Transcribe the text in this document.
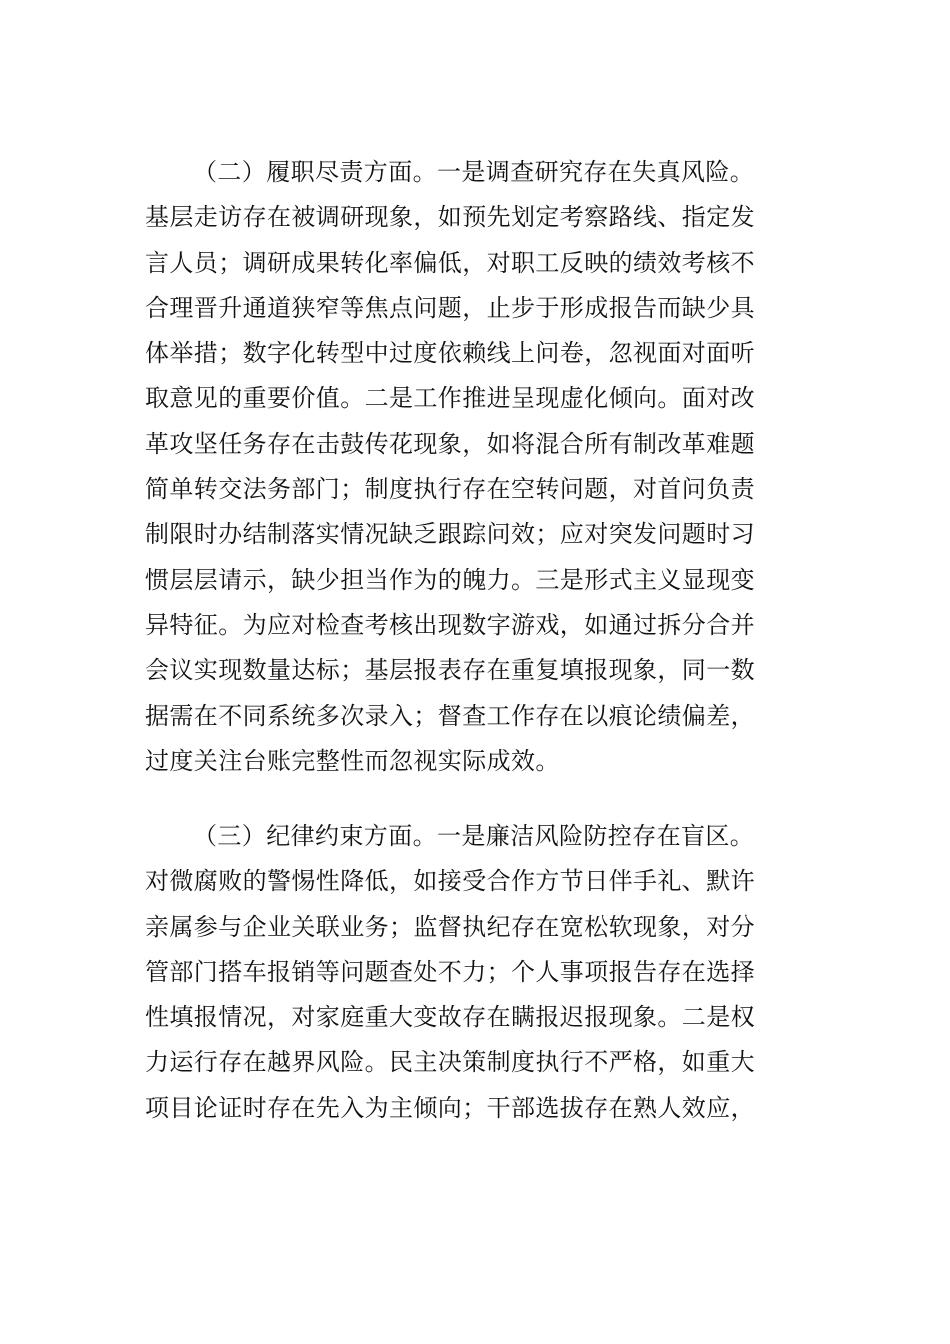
（二）履职尽责方面。一是调查研究存在失真风险。
基层走访存在被调研现象，如预先划定考察路线、指定发
言人员；调研成果转化率偏低，对职工反映的绩效考核不
合理晋升通道狭窄等焦点问题，止步于形成报告而缺少具
体举措；数字化转型中过度依赖线上问卷，忽视面对面听
取意见的重要价值。二是工作推进呈现虚化倾向。面对改
革攻坚任务存在击鼓传花现象，如将混合所有制改革难题
简单转交法务部门；制度执行存在空转问题，对首问负责
制限时办结制落实情况缺乏跟踪问效；应对突发问题时习
惯层层请示，缺少担当作为的魄力。三是形式主义显现变
异特征。为应对检查考核出现数字游戏，如通过拆分合并
会议实现数量达标；基层报表存在重复填报现象，同一数
据需在不同系统多次录入；督查工作存在以痕论绩偏差，
过度关注台账完整性而忽视实际成效。
（三）纪律约束方面。一是廉洁风险防控存在盲区。
对微腐败的警惕性降低，如接受合作方节日伴手礼、默许
亲属参与企业关联业务；监督执纪存在宽松软现象，对分
管部门搭车报销等问题查处不力；个人事项报告存在选择
性填报情况，对家庭重大变故存在瞒报迟报现象。二是权
力运行存在越界风险。民主决策制度执行不严格，如重大
项目论证时存在先入为主倾向；干部选拔存在熟人效应，
